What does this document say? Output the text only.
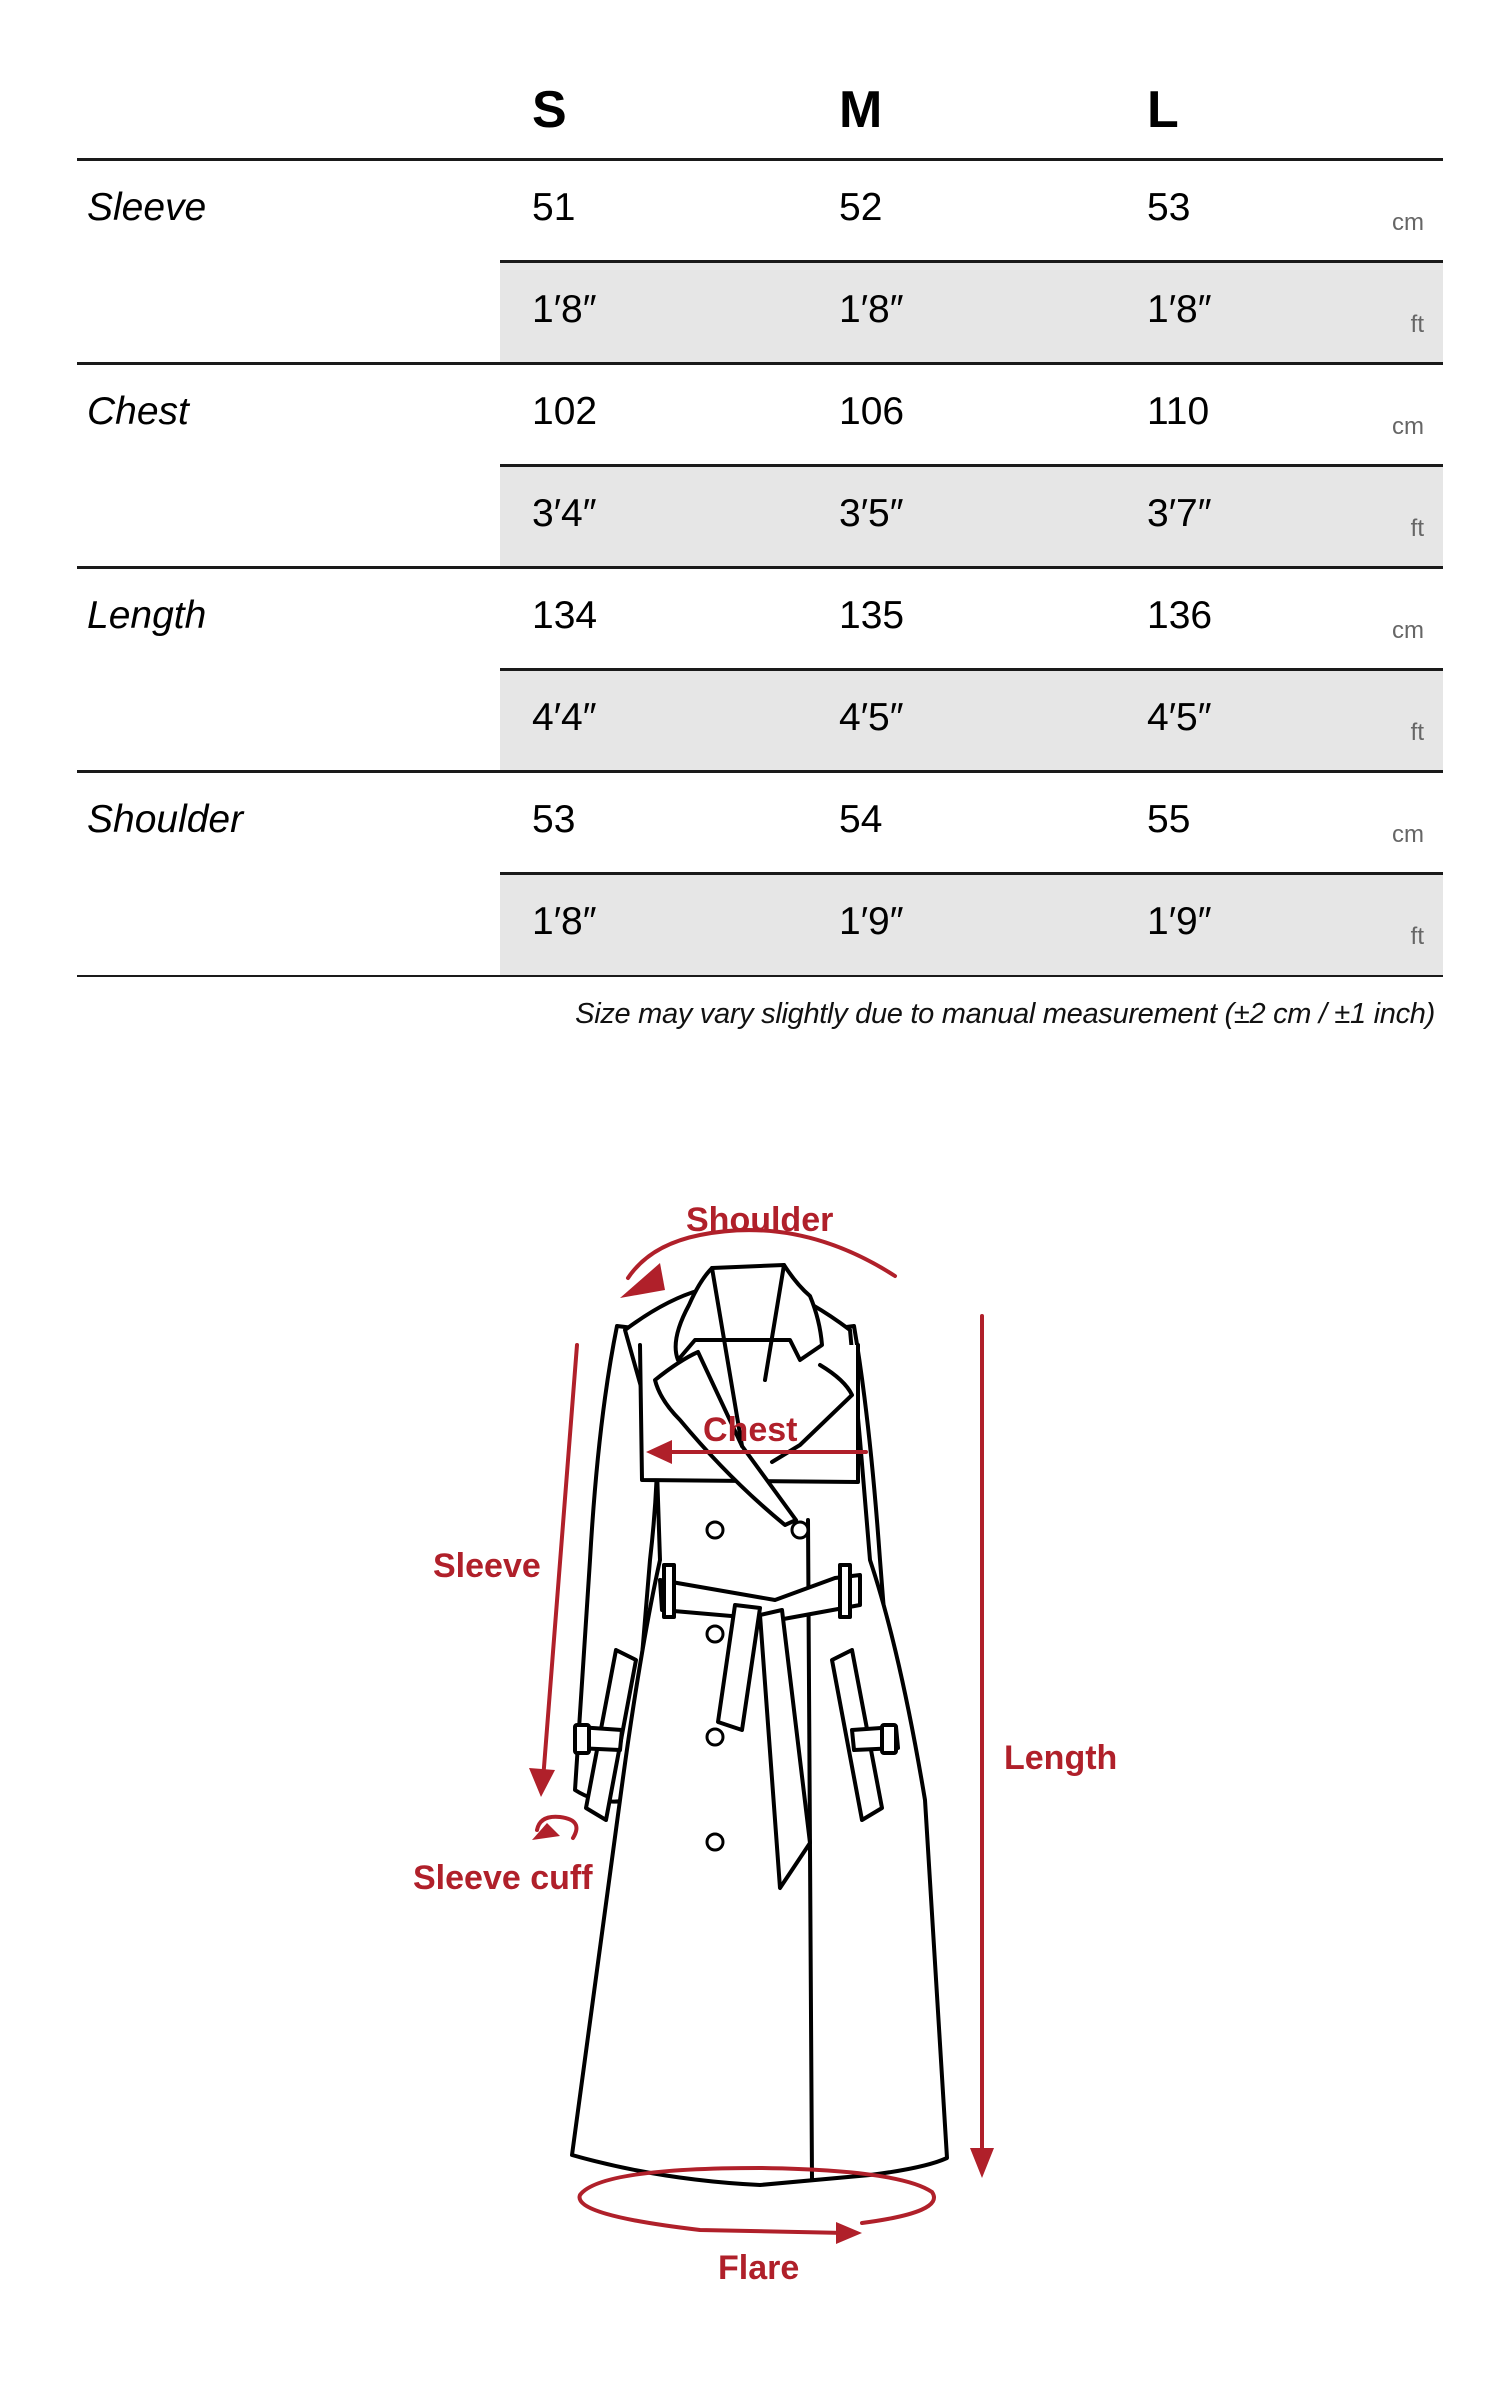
S	M	L
Sleeve	51	52	53	cm
1′8″	1′8″	1′8″	ft
Chest	102	106	110	cm
3′4″	3′5″	3′7″	ft
Length	134	135	136	cm
4′4″	4′5″	4′5″	ft
Shoulder	53	54	55	cm
1′8″	1′9″	1′9″	ft
Size may vary slightly due to manual measurement (±2 cm / ±1 inch)
Shoulder
Chest
Sleeve
Sleeve cuff
Length
Flare
